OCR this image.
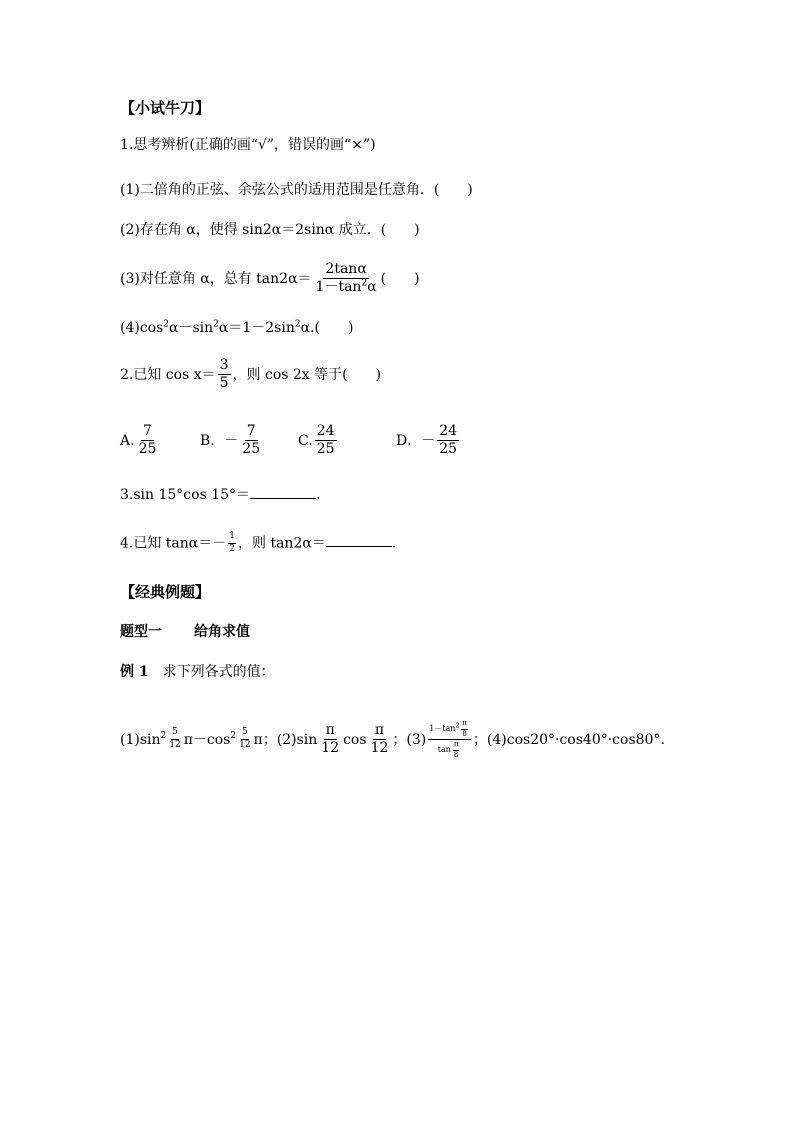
【小试牛刀】
1.思考辨析(正确的画“√”，错误的画“×”)
(1)二倍角的正弦、余弦公式的适用范围是任意角．(　　)
(2)存在角 α，使得 sin2α＝2sinα 成立．(　　)
(3)对任意角 α，总有 $\tan 2\alpha= \frac{2\tan\alpha}{1-\tan^2\alpha}$ (　　)
$(4)\cos^2\alpha-\sin^2\alpha=1-2\sin^2\alpha$.(　　)
2.已知 $\cos x= \frac{3}{5}$ ，则 cos 2x 等于(　　)
A. $\frac{7}{25}$	B．－ $\frac{7}{25}$	C. $\frac{24}{25}$	D．－ $\frac{24}{25}$
3.sin 15°cos 15°＝	.
4.已知 $\tan\alpha=- \frac{1}{2}$ ，则 tan2α＝	.
【经典例题】
题型一 给角求值
例 1 求下列各式的值：
$(1)\sin^2 \frac{5}{12} \pi-\cos^2 \frac{5}{12}$ π；$(2)\sin \frac{\pi}{12}$ $\cos \frac{\pi}{12}$ ；$(3) \frac{1-\tan^2 \frac{\pi}{8}}{\tan \frac{\pi}{8}}$ ；(4)cos20°·cos40°·cos80°.
